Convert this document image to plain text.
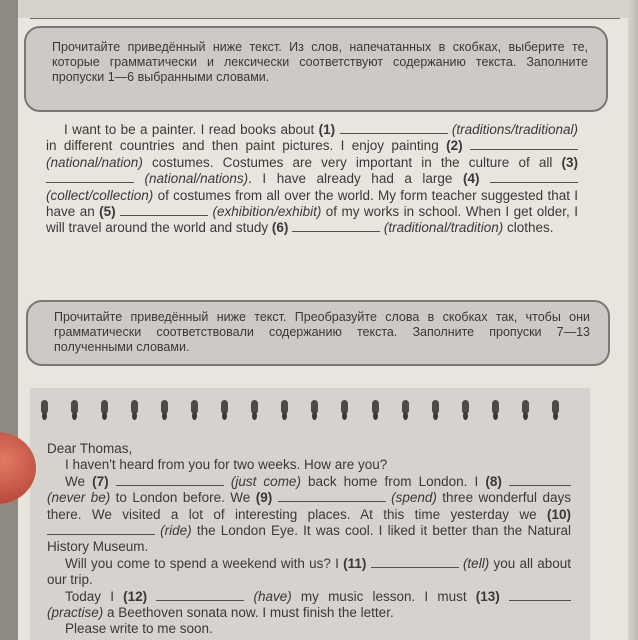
Прочитайте приведённый ниже текст. Из слов, напечатанных в скобках, выберите те, которые грамматически и лексически соответствуют содержанию текста. Заполните пропуски 1—6 выбранными словами.
I want to be a painter. I read books about (1)	(traditions/traditional) in different countries and then paint pictures. I enjoy painting (2)  (national/nation) costumes. Costumes are very important in the culture of all (3)  (national/nations). I have already had a large (4)  (collect/collection) of costumes from all over the world. My form teacher suggested that I have an (5)	(exhibition/exhibit) of my works in school. When I get older, I will travel around the world and study (6)	(traditional/tradition) clothes.
Прочитайте приведённый ниже текст. Преобразуйте слова в скобках так, чтобы они грамматически соответствовали содержанию текста. Заполните пропуски 7—13 полученными словами.
Dear Thomas,
I haven't heard from you for two weeks. How are you?
We (7)	(just come) back home from London. I (8)  (never be) to London before. We (9)	(spend) three wonderful days there. We visited a lot of interesting places. At this time yesterday we (10)  (ride) the London Eye. It was cool. I liked it better than the Natural History Museum.
Will you come to spend a weekend with us? I (11)	(tell) you all about our trip.
Today I (12)	(have) my music lesson. I must (13)  (practise) a Beethoven sonata now. I must finish the letter.
Please write to me soon.
